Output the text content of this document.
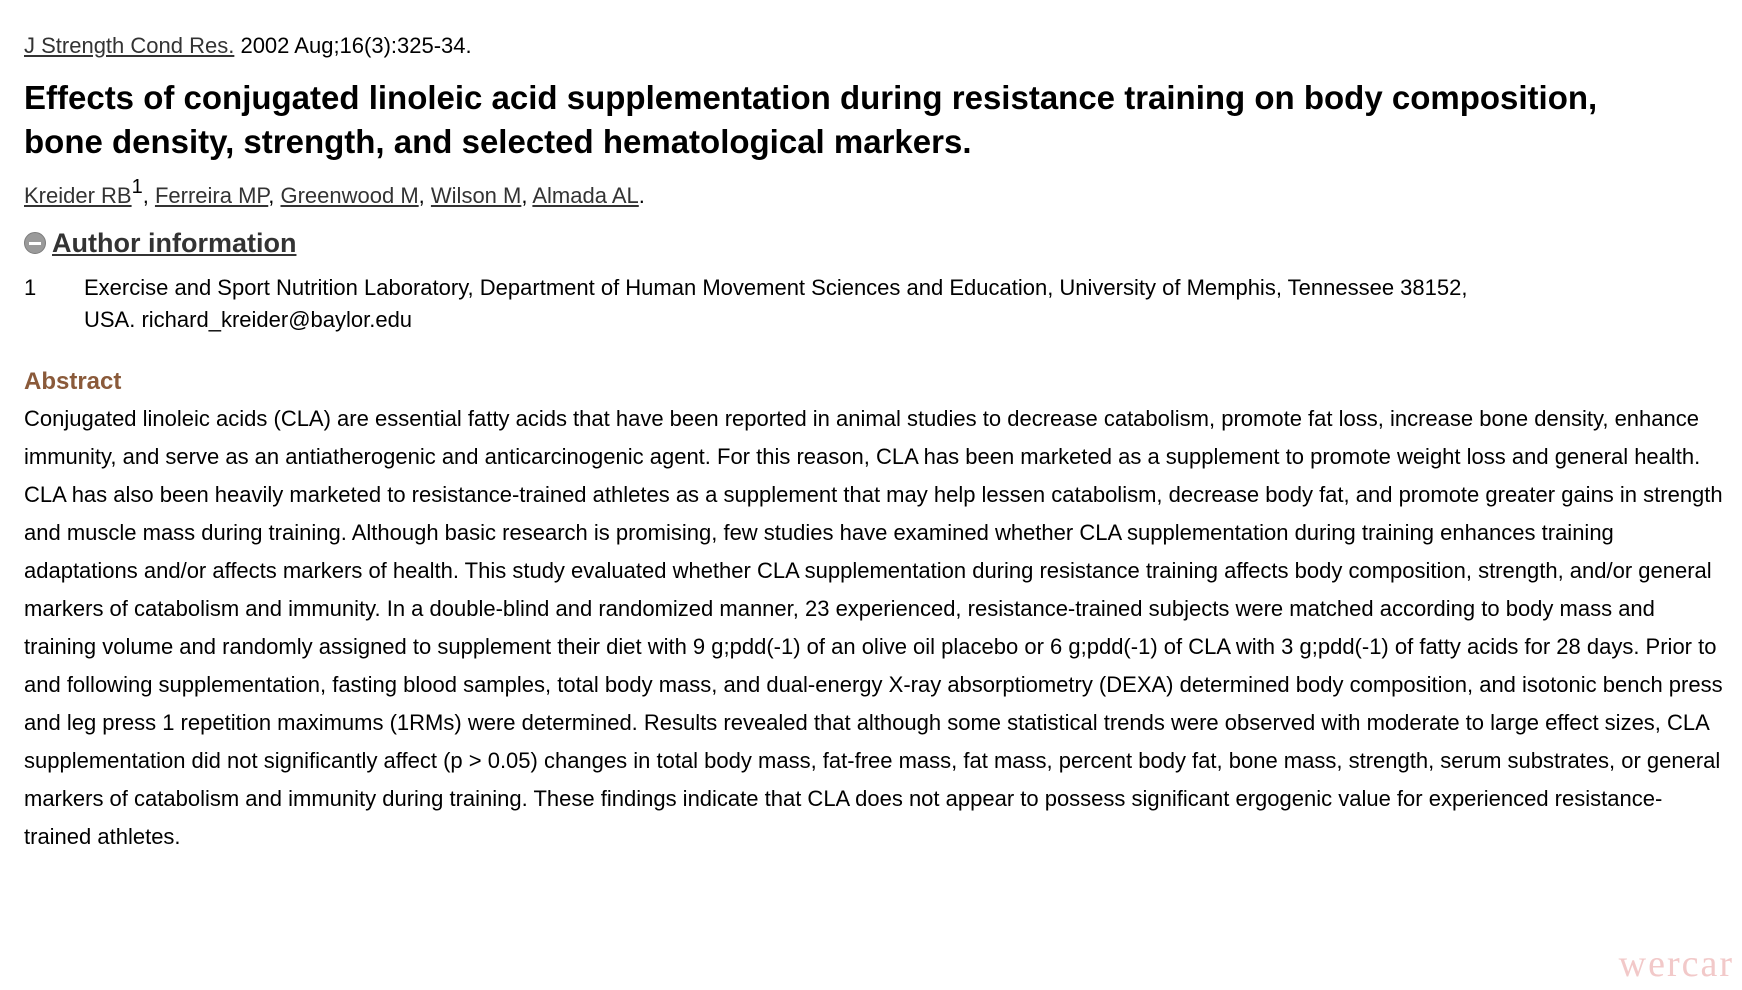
J Strength Cond Res. 2002 Aug;16(3):325-34.

Effects of conjugated linoleic acid supplementation during resistance training on body composition, bone density, strength, and selected hematological markers.
Kreider $RB^1$, Ferreira MP, Greenwood M, Wilson M, Almada AL.
Author information
1	Exercise and Sport Nutrition Laboratory, Department of Human Movement Sciences and Education, University of Memphis, Tennessee 38152, USA. richard_kreider@baylor.edu
Abstract
Conjugated linoleic acids (CLA) are essential fatty acids that have been reported in animal studies to decrease catabolism, promote fat loss, increase bone density, enhance immunity, and serve as an antiatherogenic and anticarcinogenic agent. For this reason, CLA has been marketed as a supplement to promote weight loss and general health. CLA has also been heavily marketed to resistance-trained athletes as a supplement that may help lessen catabolism, decrease body fat, and promote greater gains in strength and muscle mass during training. Although basic research is promising, few studies have examined whether CLA supplementation during training enhances training adaptations and/or affects markers of health. This study evaluated whether CLA supplementation during resistance training affects body composition, strength, and/or general markers of catabolism and immunity. In a double-blind and randomized manner, 23 experienced, resistance-trained subjects were matched according to body mass and training volume and randomly assigned to supplement their diet with 9 g;pdd(-1) of an olive oil placebo or 6 g;pdd(-1) of CLA with 3 g;pdd(-1) of fatty acids for 28 days. Prior to and following supplementation, fasting blood samples, total body mass, and dual-energy X-ray absorptiometry (DEXA) determined body composition, and isotonic bench press and leg press 1 repetition maximums (1RMs) were determined. Results revealed that although some statistical trends were observed with moderate to large effect sizes, CLA supplementation did not significantly affect (p > 0.05) changes in total body mass, fat-free mass, fat mass, percent body fat, bone mass, strength, serum substrates, or general markers of catabolism and immunity during training. These findings indicate that CLA does not appear to possess significant ergogenic value for experienced resistance-trained athletes.
wercar
